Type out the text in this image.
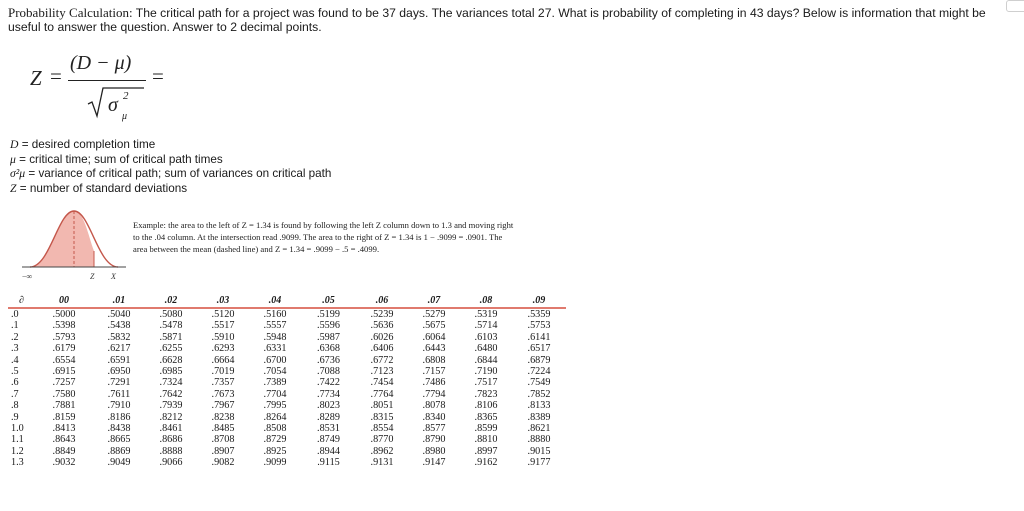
Probability Calculation: The critical path for a project was found to be 37 days. The variances total 27. What is probability of completing in 43 days? Below is information that might be useful to answer the question. Answer to 2 decimal points.
Z =
(D − μ)
σ 2
μ
=
D = desired completion time
μ = critical time; sum of critical path times
σ²μ = variance of critical path; sum of variances on critical path
Z = number of standard deviations
−∞	Z X
Example: the area to the left of Z = 1.34 is found by following the left Z column down to 1.3 and moving right to the .04 column. At the intersection read .9099. The area to the right of Z = 1.34 is 1 − .9099 = .0901. The area between the mean (dashed line) and Z = 1.34 = .9099 − .5 = .4099.
∂	00	.01	.02	.03	.04	.05	.06	.07	.08	.09
.0	.5000	.5040	.5080	.5120	.5160	.5199	.5239	.5279	.5319	.5359
.1	.5398	.5438	.5478	.5517	.5557	.5596	.5636	.5675	.5714	.5753
.2	.5793	.5832	.5871	.5910	.5948	.5987	.6026	.6064	.6103	.6141
.3	.6179	.6217	.6255	.6293	.6331	.6368	.6406	.6443	.6480	.6517
.4	.6554	.6591	.6628	.6664	.6700	.6736	.6772	.6808	.6844	.6879
.5	.6915	.6950	.6985	.7019	.7054	.7088	.7123	.7157	.7190	.7224
.6	.7257	.7291	.7324	.7357	.7389	.7422	.7454	.7486	.7517	.7549
.7	.7580	.7611	.7642	.7673	.7704	.7734	.7764	.7794	.7823	.7852
.8	.7881	.7910	.7939	.7967	.7995	.8023	.8051	.8078	.8106	.8133
.9	.8159	.8186	.8212	.8238	.8264	.8289	.8315	.8340	.8365	.8389
1.0	.8413	.8438	.8461	.8485	.8508	.8531	.8554	.8577	.8599	.8621
1.1	.8643	.8665	.8686	.8708	.8729	.8749	.8770	.8790	.8810	.8880
1.2	.8849	.8869	.8888	.8907	.8925	.8944	.8962	.8980	.8997	.9015
1.3	.9032	.9049	.9066	.9082	.9099	.9115	.9131	.9147	.9162	.9177
